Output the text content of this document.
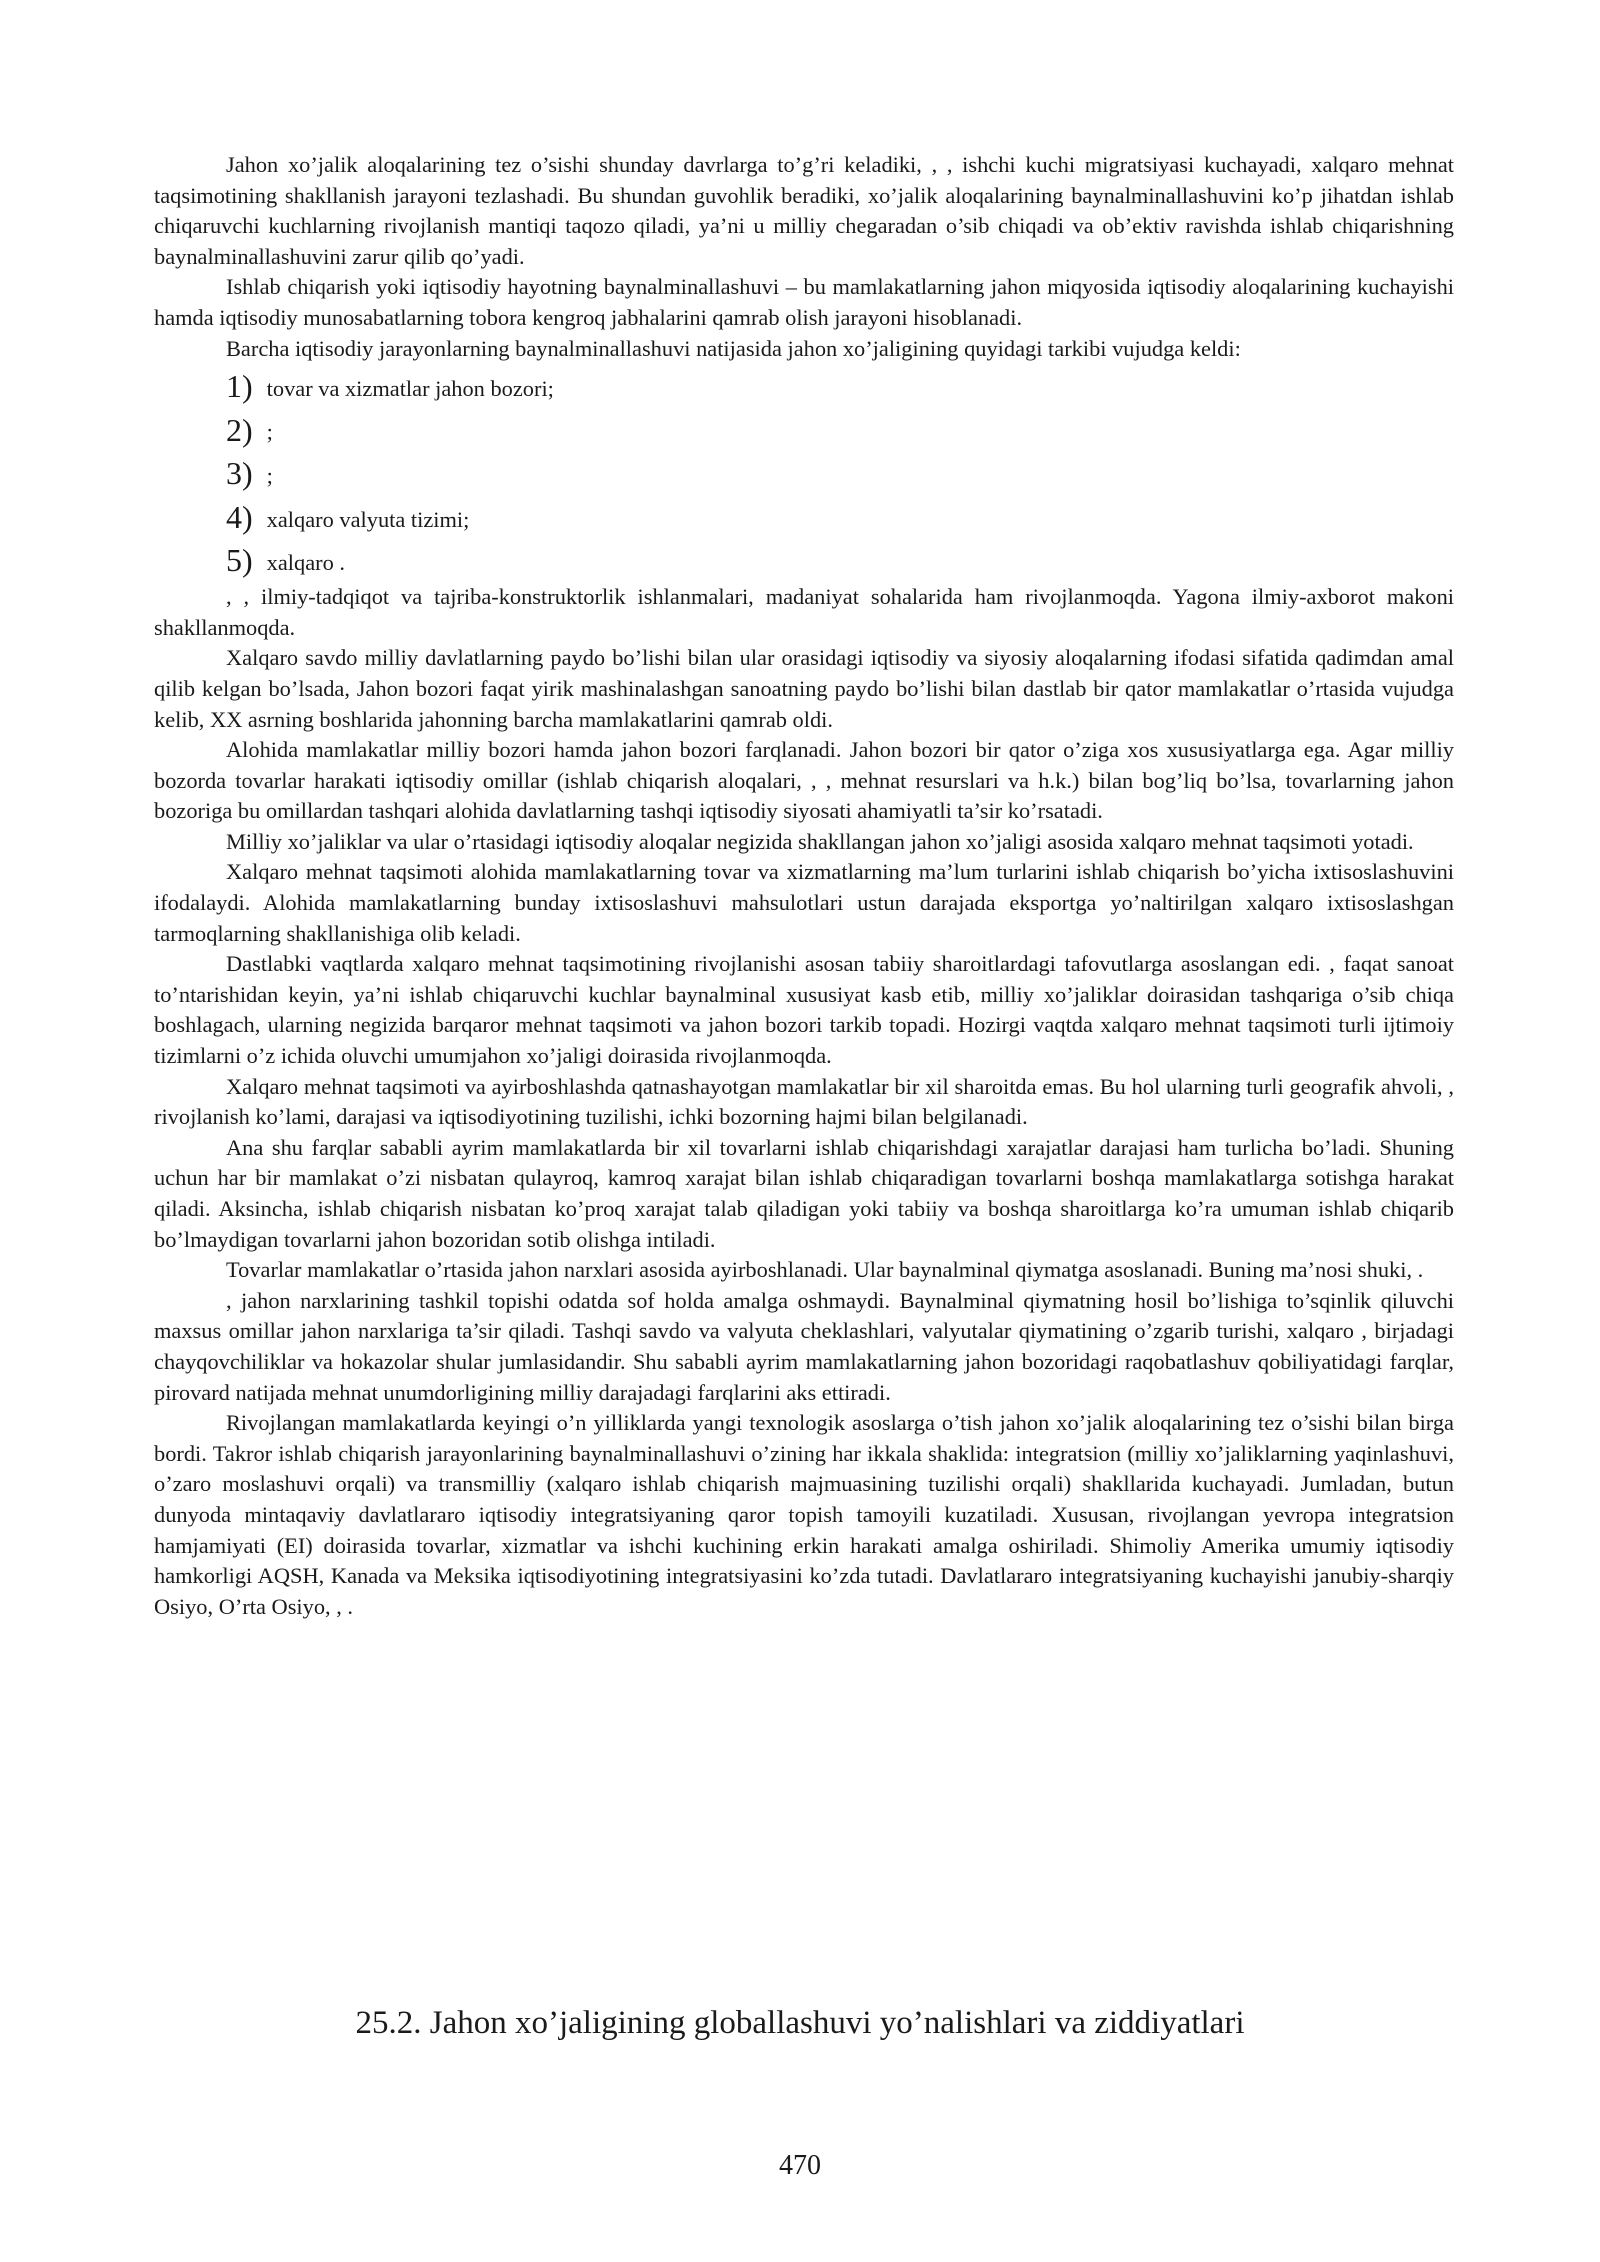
Jahon xo’jalik aloqalarining tez o’sishi shunday davrlarga to’g’ri keladiki, , , ishchi kuchi migratsiyasi kuchayadi, xalqaro mehnat taqsimotining shakllanish jarayoni tezlashadi. Bu shundan guvohlik beradiki, xo’jalik aloqalarining baynalminallashuvini ko’p jihatdan ishlab chiqaruvchi kuchlarning rivojlanish mantiqi taqozo qiladi, ya’ni u milliy chegaradan o’sib chiqadi va ob’ektiv ravishda ishlab chiqarishning baynalminallashuvini zarur qilib qo’yadi.

Ishlab chiqarish yoki iqtisodiy hayotning baynalminallashuvi – bu mamlakatlarning jahon miqyosida iqtisodiy aloqalarining kuchayishi hamda iqtisodiy munosabatlarning tobora kengroq jabhalarini qamrab olish jarayoni hisoblanadi.

Barcha iqtisodiy jarayonlarning baynalminallashuvi natijasida jahon xo’jaligining quyidagi tarkibi vujudga keldi:

1) tovar va xizmatlar jahon bozori;
2) ;
3) ;
4) xalqaro valyuta tizimi;
5) xalqaro .

, , ilmiy-tadqiqot va tajriba-konstruktorlik ishlanmalari, madaniyat sohalarida ham rivojlanmoqda. Yagona ilmiy-axborot makoni shakllanmoqda.

Xalqaro savdo milliy davlatlarning paydo bo’lishi bilan ular orasidagi iqtisodiy va siyosiy aloqalarning ifodasi sifatida qadimdan amal qilib kelgan bo’lsada, Jahon bozori faqat yirik mashinalashgan sanoatning paydo bo’lishi bilan dastlab bir qator mamlakatlar o’rtasida vujudga kelib, XX asrning boshlarida jahonning barcha mamlakatlarini qamrab oldi.

Alohida mamlakatlar milliy bozori hamda jahon bozori farqlanadi. Jahon bozori bir qator o’ziga xos xususiyatlarga ega. Agar milliy bozorda tovarlar harakati iqtisodiy omillar (ishlab chiqarish aloqalari, , , mehnat resurslari va h.k.) bilan bog’liq bo’lsa, tovarlarning jahon bozoriga bu omillardan tashqari alohida davlatlarning tashqi iqtisodiy siyosati ahamiyatli ta’sir ko’rsatadi.

Milliy xo’jaliklar va ular o’rtasidagi iqtisodiy aloqalar negizida shakllangan jahon xo’jaligi asosida xalqaro mehnat taqsimoti yotadi.

Xalqaro mehnat taqsimoti alohida mamlakatlarning tovar va xizmatlarning ma’lum turlarini ishlab chiqarish bo’yicha ixtisoslashuvini ifodalaydi. Alohida mamlakatlarning bunday ixtisoslashuvi mahsulotlari ustun darajada eksportga yo’naltirilgan xalqaro ixtisoslashgan tarmoqlarning shakllanishiga olib keladi.

Dastlabki vaqtlarda xalqaro mehnat taqsimotining rivojlanishi asosan tabiiy sharoitlardagi tafovutlarga asoslangan edi. , faqat sanoat to’ntarishidan keyin, ya’ni ishlab chiqaruvchi kuchlar baynalminal xususiyat kasb etib, milliy xo’jaliklar doirasidan tashqariga o’sib chiqa boshlagach, ularning negizida barqaror mehnat taqsimoti va jahon bozori tarkib topadi. Hozirgi vaqtda xalqaro mehnat taqsimoti turli ijtimoiy tizimlarni o’z ichida oluvchi umumjahon xo’jaligi doirasida rivojlanmoqda.

Xalqaro mehnat taqsimoti va ayirboshlashda qatnashayotgan mamlakatlar bir xil sharoitda emas. Bu hol ularning turli geografik ahvoli, , rivojlanish ko’lami, darajasi va iqtisodiyotining tuzilishi, ichki bozorning hajmi bilan belgilanadi.

Ana shu farqlar sababli ayrim mamlakatlarda bir xil tovarlarni ishlab chiqarishdagi xarajatlar darajasi ham turlicha bo’ladi. Shuning uchun har bir mamlakat o’zi nisbatan qulayroq, kamroq xarajat bilan ishlab chiqaradigan tovarlarni boshqa mamlakatlarga sotishga harakat qiladi. Aksincha, ishlab chiqarish nisbatan ko’proq xarajat talab qiladigan yoki tabiiy va boshqa sharoitlarga ko’ra umuman ishlab chiqarib bo’lmaydigan tovarlarni jahon bozoridan sotib olishga intiladi.

Tovarlar mamlakatlar o’rtasida jahon narxlari asosida ayirboshlanadi. Ular baynalminal qiymatga asoslanadi. Buning ma’nosi shuki, .

, jahon narxlarining tashkil topishi odatda sof holda amalga oshmaydi. Baynalminal qiymatning hosil bo’lishiga to’sqinlik qiluvchi maxsus omillar jahon narxlariga ta’sir qiladi. Tashqi savdo va valyuta cheklashlari, valyutalar qiymatining o’zgarib turishi, xalqaro , birjadagi chayqovchiliklar va hokazolar shular jumlasidandir. Shu sababli ayrim mamlakatlarning jahon bozoridagi raqobatlashuv qobiliyatidagi farqlar, pirovard natijada mehnat unumdorligining milliy darajadagi farqlarini aks ettiradi.

Rivojlangan mamlakatlarda keyingi o’n yilliklarda yangi texnologik asoslarga o’tish jahon xo’jalik aloqalarining tez o’sishi bilan birga bordi. Takror ishlab chiqarish jarayonlarining baynalminallashuvi o’zining har ikkala shaklida: integratsion (milliy xo’jaliklarning yaqinlashuvi, o’zaro moslashuvi orqali) va transmilliy (xalqaro ishlab chiqarish majmuasining tuzilishi orqali) shakllarida kuchayadi. Jumladan, butun dunyoda mintaqaviy davlatlararo iqtisodiy integratsiyaning qaror topish tamoyili kuzatiladi. Xususan, rivojlangan yevropa integratsion hamjamiyati (EI) doirasida tovarlar, xizmatlar va ishchi kuchining erkin harakati amalga oshiriladi. Shimoliy Amerika umumiy iqtisodiy hamkorligi AQSH, Kanada va Meksika iqtisodiyotining integratsiyasini ko’zda tutadi. Davlatlararo integratsiyaning kuchayishi janubiy-sharqiy Osiyo, O’rta Osiyo, , .

25.2. Jahon xo’jaligining globallashuvi yo’nalishlari va ziddiyatlari
470
